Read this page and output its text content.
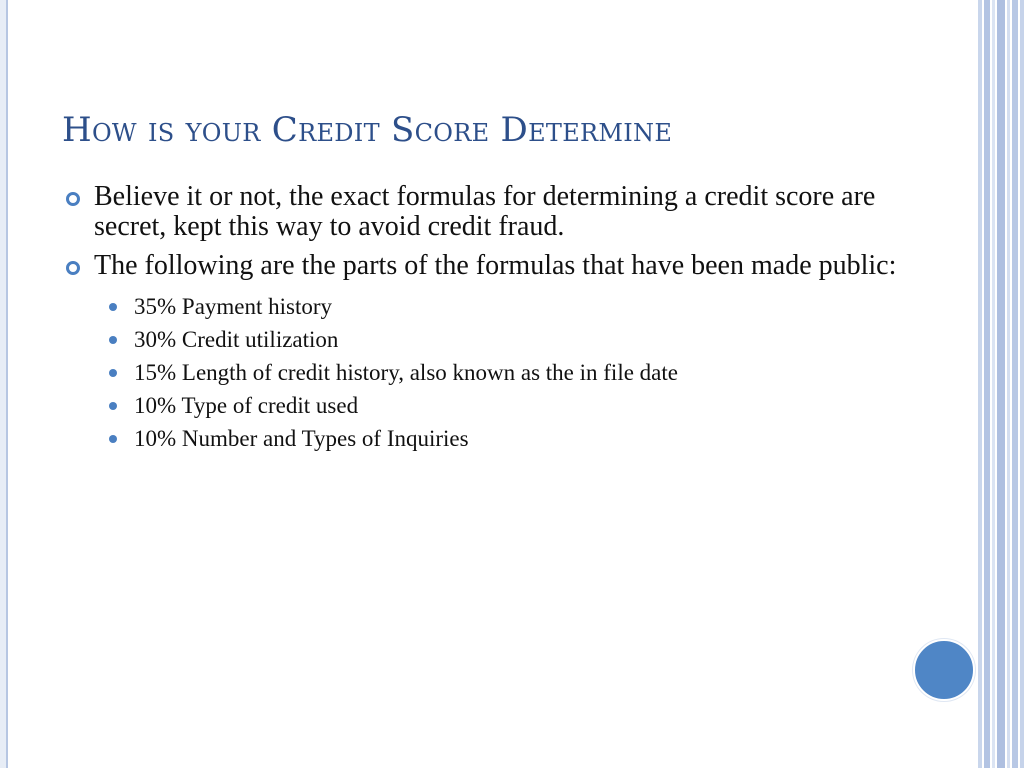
How is your Credit Score Determine
Believe it or not, the exact formulas for determining a credit score are secret, kept this way to avoid credit fraud.
The following are the parts of the formulas that have been made public:
35% Payment history
30% Credit utilization
15% Length of credit history, also known as the in file date
10% Type of credit used
10% Number and Types of Inquiries
